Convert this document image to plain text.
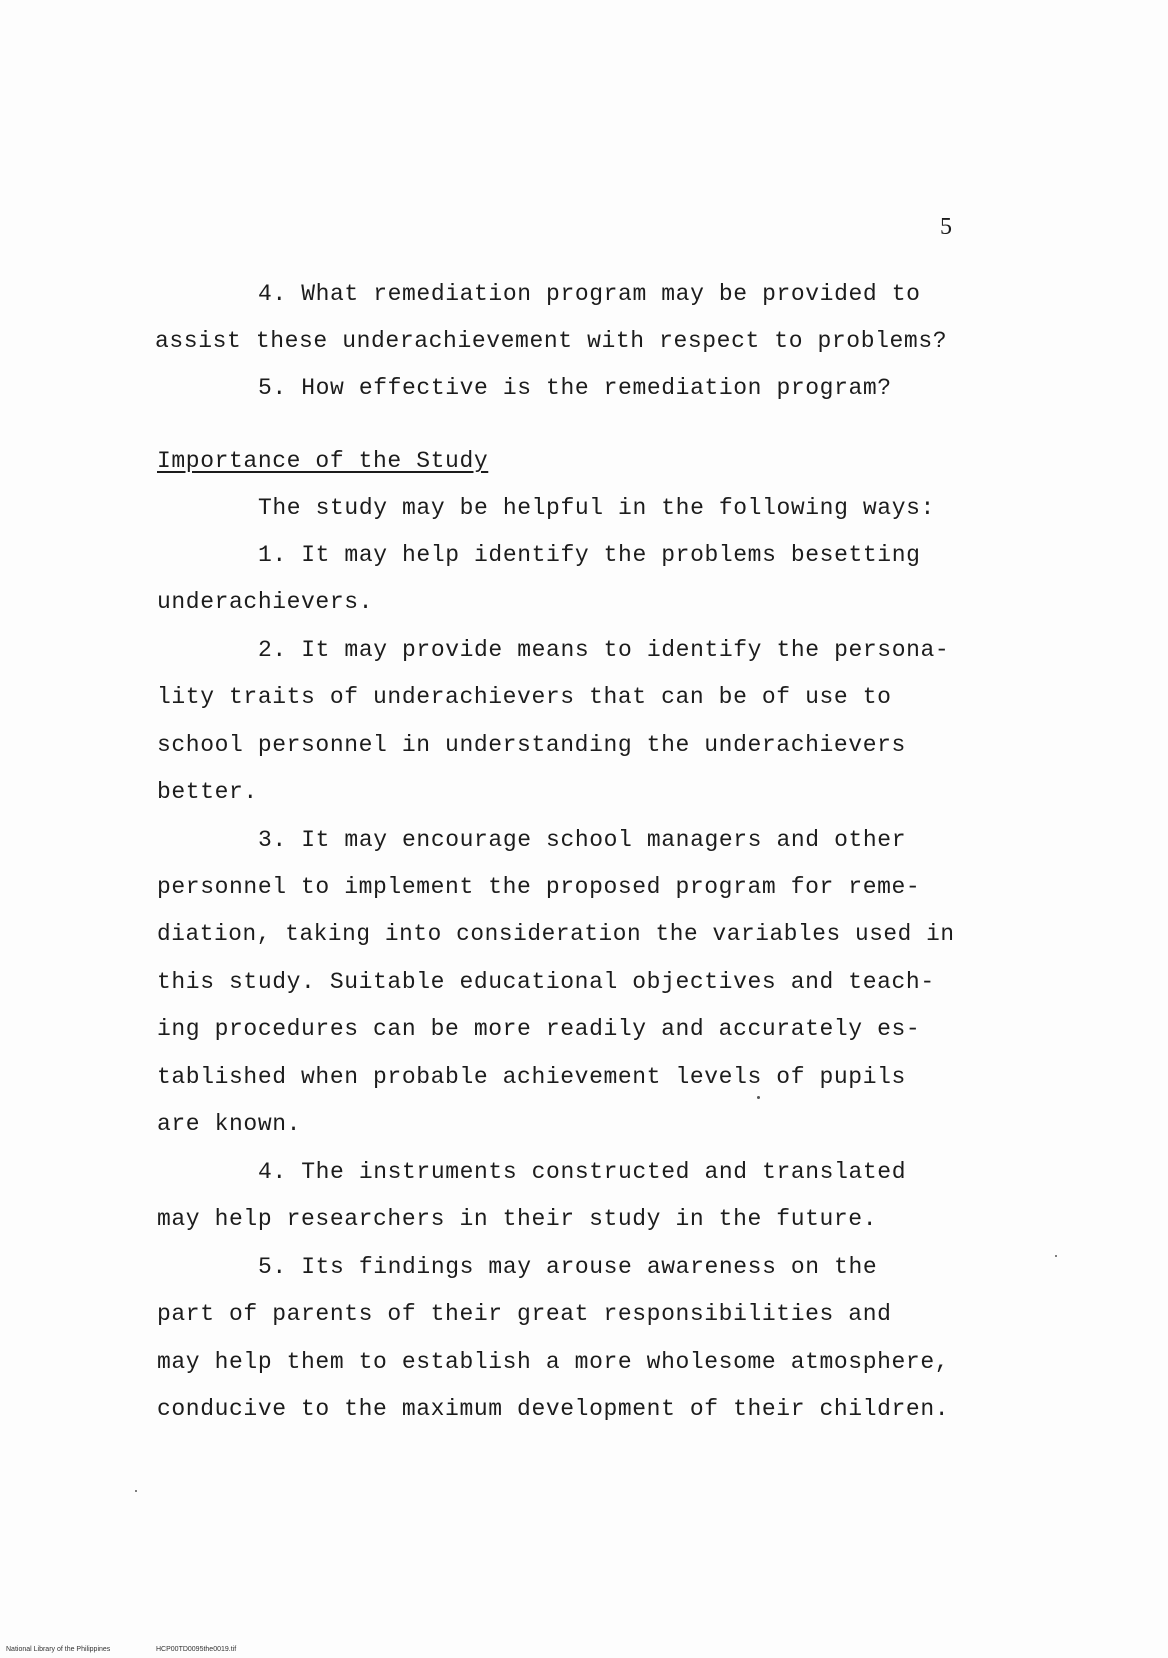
5
4. What remediation program may be provided to
assist these underachievement with respect to problems?
5. How effective is the remediation program?
Importance of the Study
The study may be helpful in the following ways:
1. It may help identify the problems besetting
underachievers.
2. It may provide means to identify the persona-
lity traits of underachievers that can be of use to
school personnel in understanding the underachievers
better.
3. It may encourage school managers and other
personnel to implement the proposed program for reme-
diation, taking into consideration the variables used in
this study. Suitable educational objectives and teach-
ing procedures can be more readily and accurately es-
tablished when probable achievement levels of pupils
are known.
4. The instruments constructed and translated
may help researchers in their study in the future.
5. Its findings may arouse awareness on the
part of parents of their great responsibilities and
may help them to establish a more wholesome atmosphere,
conducive to the maximum development of their children.
National Library of the Philippines	HCP00TD0095the0019.tif
